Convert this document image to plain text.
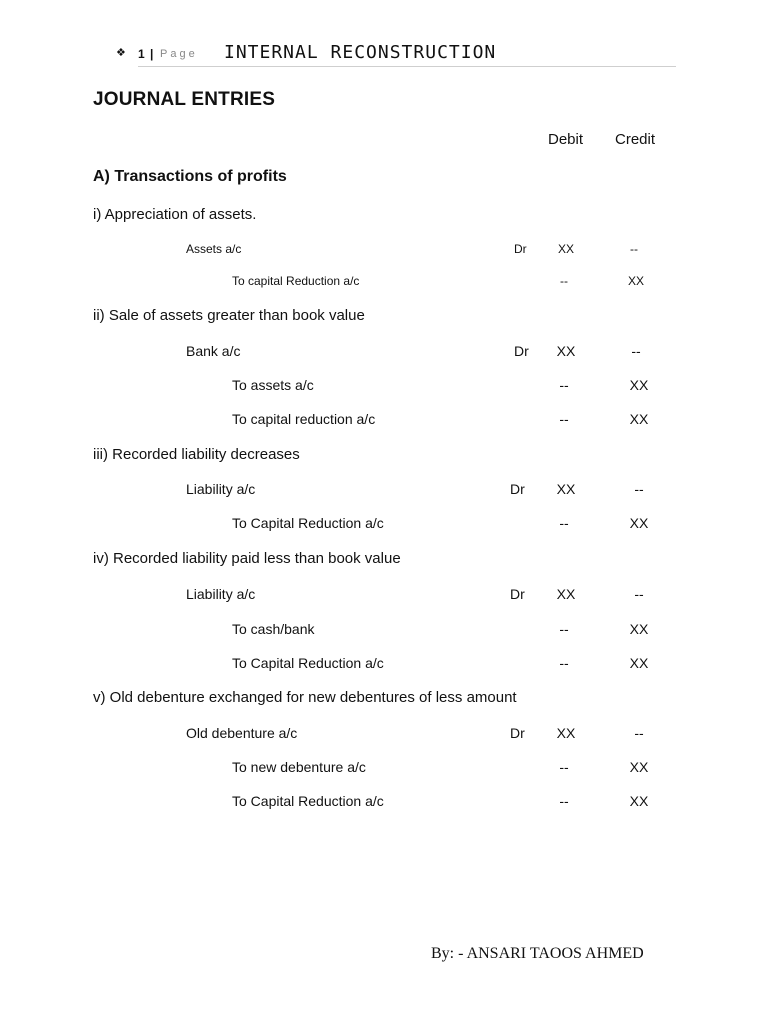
❖ 1 | Page INTERNAL RECONSTRUCTION
JOURNAL ENTRIES
Debit Credit
A) Transactions of profits
i) Appreciation of assets.
Assets a/c	Dr	XX	--
To capital Reduction a/c	--	XX
ii) Sale of assets greater than book value
Bank a/c	Dr XX	--
To assets a/c	--	XX
To capital reduction a/c	--	XX
iii) Recorded liability decreases
Liability a/c	Dr XX	--
To Capital Reduction a/c	--	XX
iv) Recorded liability paid less than book value
Liability a/c	Dr XX	--
To cash/bank	--	XX
To Capital Reduction a/c	--	XX
v) Old debenture exchanged for new debentures of less amount
Old debenture a/c	Dr XX	--
To new debenture a/c	--	XX
To Capital Reduction a/c	--	XX
By: - ANSARI TAOOS AHMED
